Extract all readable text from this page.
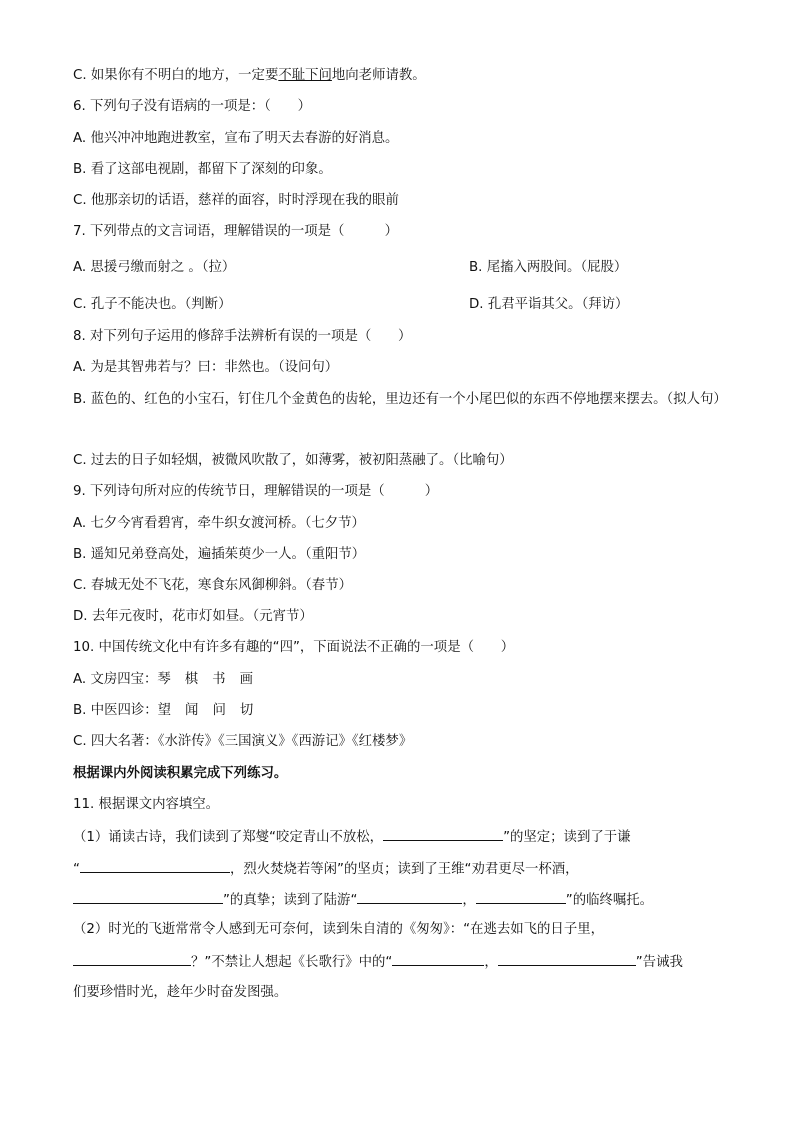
C. 如果你有不明白的地方，一定要不耻下问地向老师请教。
6. 下列句子没有语病的一项是：（　　）
A. 他兴冲冲地跑进教室，宣布了明天去春游的好消息。
B. 看了这部电视剧，都留下了深刻的印象。
C. 他那亲切的话语，慈祥的面容，时时浮现在我的眼前
7. 下列带点的文言词语，理解错误的一项是（　　　）
A. 思援弓缴而射之 。（拉）	B. 尾搐入两股间。（屁股）
C. 孔子不能决也。（判断）	D. 孔君平诣其父。（拜访）
8. 对下列句子运用的修辞手法辨析有误的一项是（　　）
A. 为是其智弗若与？曰：非然也。（设问句）
B. 蓝色的、红色的小宝石，钉住几个金黄色的齿轮，里边还有一个小尾巴似的东西不停地摆来摆去。（拟人句）
C. 过去的日子如轻烟，被微风吹散了，如薄雾，被初阳蒸融了。（比喻句）
9. 下列诗句所对应的传统节日，理解错误的一项是（　　　）
A. 七夕今宵看碧宵，牵牛织女渡河桥。（七夕节）
B. 遥知兄弟登高处，遍插茱萸少一人。（重阳节）
C. 春城无处不飞花，寒食东风御柳斜。（春节）
D. 去年元夜时，花市灯如昼。（元宵节）
10. 中国传统文化中有许多有趣的“四”，下面说法不正确的一项是（　　）
A. 文房四宝：琴 棋 书 画
B. 中医四诊：望 闻 问 切
C. 四大名著：《水浒传》《三国演义》《西游记》《红楼梦》
根据课内外阅读积累完成下列练习。
11. 根据课文内容填空。
（1）诵读古诗，我们读到了郑燮“咬定青山不放松，	”的坚定；读到了于谦
“	，烈火焚烧若等闲”的坚贞；读到了王维“劝君更尽一杯酒，
”的真挚；读到了陆游“	，	”的临终嘱托。
（2）时光的飞逝常常令人感到无可奈何，读到朱自清的《匆匆》：“在逃去如飞的日子里，
？”不禁让人想起《长歌行》中的“	，	”告诫我
们要珍惜时光，趁年少时奋发图强。
